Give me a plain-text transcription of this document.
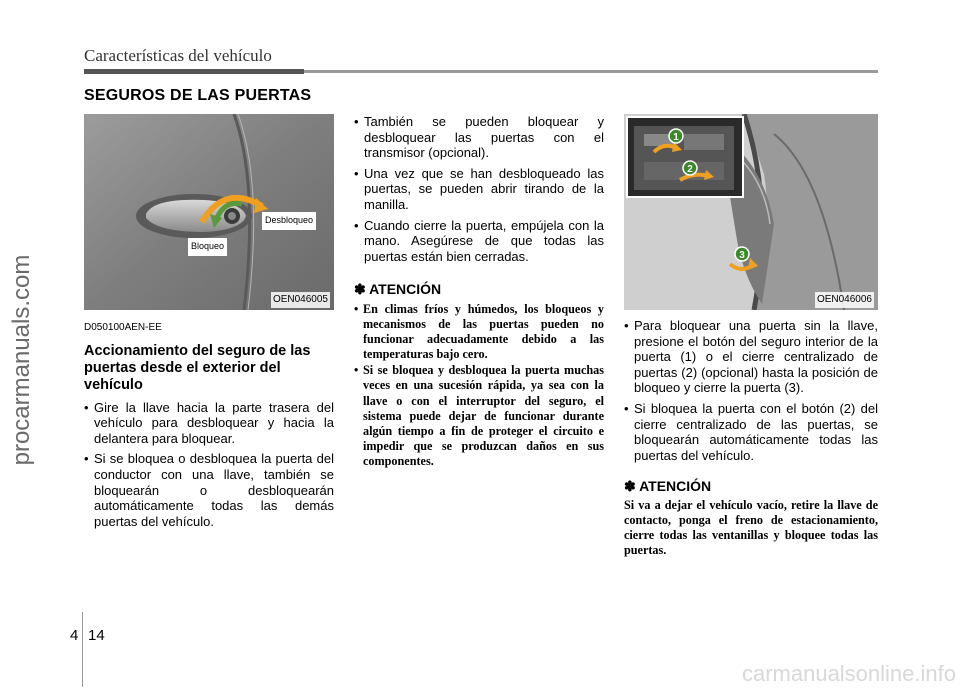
Características del vehículo
SEGUROS DE LAS PUERTAS
procarmanuals.com
Desbloqueo
Bloqueo
OEN046005
D050100AEN-EE
Accionamiento del seguro de las puertas desde el exterior del vehículo
• Gire la llave hacia la parte trasera del vehículo para desbloquear y hacia la delantera para bloquear.
• Si se bloquea o desbloquea la puerta del conductor con una llave, también se bloquearán o desbloquearán automáticamente todas las demás puertas del vehículo.
• También se pueden bloquear y desbloquear las puertas con el transmisor (opcional).
• Una vez que se han desbloqueado las puertas, se pueden abrir tirando de la manilla.
• Cuando cierre la puerta, empújela con la mano. Asegúrese de que todas las puertas están bien cerradas.
✽ ATENCIÓN
• En climas fríos y húmedos, los bloqueos y mecanismos de las puertas pueden no funcionar adecuadamente debido a las temperaturas bajo cero.
• Si se bloquea y desbloquea la puerta muchas veces en una sucesión rápida, ya sea con la llave o con el interruptor del seguro, el sistema puede dejar de funcionar durante algún tiempo a fin de proteger el circuito e impedir que se produzcan daños en sus componentes.
1
2
3
OEN046006
• Para bloquear una puerta sin la llave, presione el botón del seguro interior de la puerta (1) o el cierre centralizado de puertas (2) (opcional) hasta la posición de bloqueo y cierre la puerta (3).
• Si bloquea la puerta con el botón (2) del cierre centralizado de las puertas, se bloquearán automáticamente todas las puertas del vehículo.
✽ ATENCIÓN
Si va a dejar el vehículo vacío, retire la llave de contacto, ponga el freno de estacionamiento, cierre todas las ventanillas y bloquee todas las puertas.
4 14
carmanualsonline.info
